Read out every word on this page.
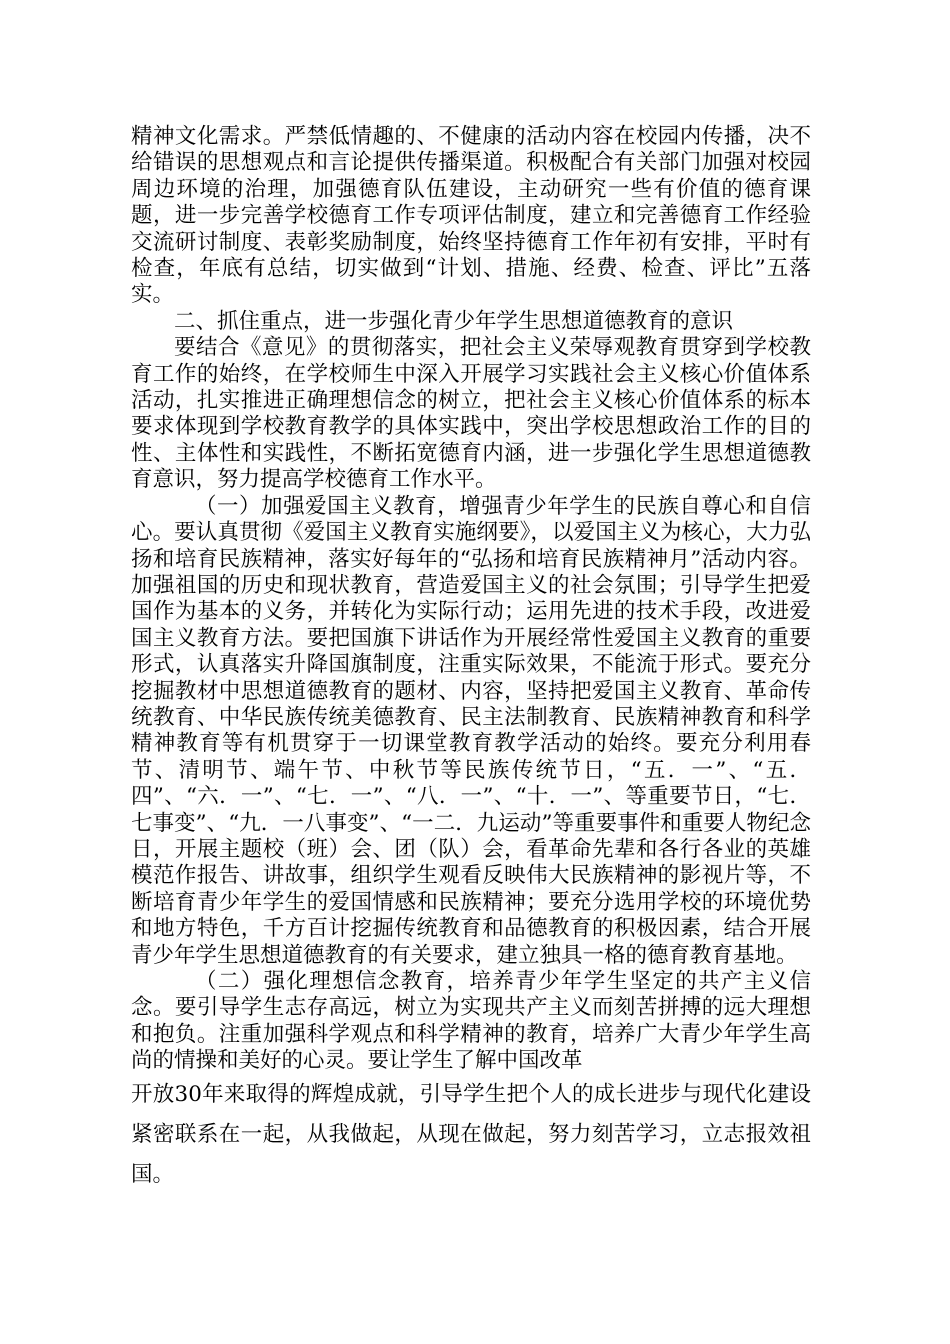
精神文化需求。严禁低情趣的、不健康的活动内容在校园内传播，决不给错误的思想观点和言论提供传播渠道。积极配合有关部门加强对校园周边环境的治理，加强德育队伍建设，主动研究一些有价值的德育课题，进一步完善学校德育工作专项评估制度，建立和完善德育工作经验交流研讨制度、表彰奖励制度，始终坚持德育工作年初有安排，平时有检查，年底有总结，切实做到“计划、措施、经费、检查、评比”五落实。

二、抓住重点，进一步强化青少年学生思想道德教育的意识

要结合《意见》的贯彻落实，把社会主义荣辱观教育贯穿到学校教育工作的始终，在学校师生中深入开展学习实践社会主义核心价值体系活动，扎实推进正确理想信念的树立，把社会主义核心价值体系的标本要求体现到学校教育教学的具体实践中，突出学校思想政治工作的目的性、主体性和实践性，不断拓宽德育内涵，进一步强化学生思想道德教育意识，努力提高学校德育工作水平。

（一）加强爱国主义教育，增强青少年学生的民族自尊心和自信心。要认真贯彻《爱国主义教育实施纲要》，以爱国主义为核心，大力弘扬和培育民族精神，落实好每年的“弘扬和培育民族精神月”活动内容。加强祖国的历史和现状教育，营造爱国主义的社会氛围；引导学生把爱国作为基本的义务，并转化为实际行动；运用先进的技术手段，改进爱国主义教育方法。要把国旗下讲话作为开展经常性爱国主义教育的重要形式，认真落实升降国旗制度，注重实际效果，不能流于形式。要充分挖掘教材中思想道德教育的题材、内容，坚持把爱国主义教育、革命传统教育、中华民族传统美德教育、民主法制教育、民族精神教育和科学精神教育等有机贯穿于一切课堂教育教学活动的始终。要充分利用春节、清明节、端午节、中秋节等民族传统节日，“五．一”、“五．四”、“六．一”、“七．一”、“八．一”、“十．一”、等重要节日，“七．七事变”、“九．一八事变”、“一二．九运动”等重要事件和重要人物纪念日，开展主题校（班）会、团（队）会，看革命先辈和各行各业的英雄模范作报告、讲故事，组织学生观看反映伟大民族精神的影视片等，不断培育青少年学生的爱国情感和民族精神；要充分选用学校的环境优势和地方特色，千方百计挖掘传统教育和品德教育的积极因素，结合开展青少年学生思想道德教育的有关要求，建立独具一格的德育教育基地。

（二）强化理想信念教育，培养青少年学生坚定的共产主义信念。要引导学生志存高远，树立为实现共产主义而刻苦拼搏的远大理想和抱负。注重加强科学观点和科学精神的教育，培养广大青少年学生高尚的情操和美好的心灵。要让学生了解中国改革

开放30年来取得的辉煌成就，引导学生把个人的成长进步与现代化建设紧密联系在一起，从我做起，从现在做起，努力刻苦学习，立志报效祖国。
